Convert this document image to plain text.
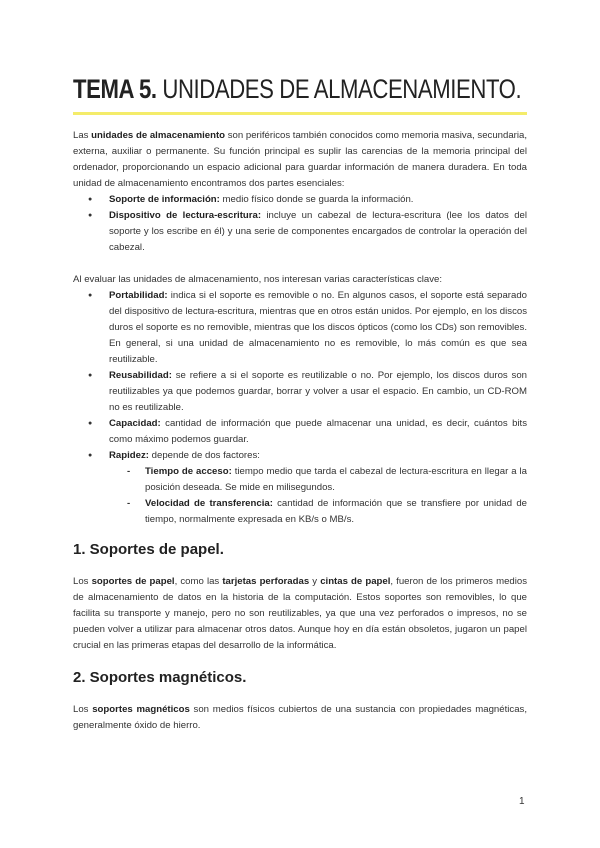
TEMA 5. UNIDADES DE ALMACENAMIENTO.

Las unidades de almacenamiento son periféricos también conocidos como memoria masiva, secundaria, externa, auxiliar o permanente. Su función principal es suplir las carencias de la memoria principal del ordenador, proporcionando un espacio adicional para guardar información de manera duradera. En toda unidad de almacenamiento encontramos dos partes esenciales:

● Soporte de información: medio físico donde se guarda la información.
● Dispositivo de lectura-escritura: incluye un cabezal de lectura-escritura (lee los datos del soporte y los escribe en él) y una serie de componentes encargados de controlar la operación del cabezal.

Al evaluar las unidades de almacenamiento, nos interesan varias características clave:

● Portabilidad: indica si el soporte es removible o no. En algunos casos, el soporte está separado del dispositivo de lectura-escritura, mientras que en otros están unidos. Por ejemplo, en los discos duros el soporte es no removible, mientras que los discos ópticos (como los CDs) son removibles. En general, si una unidad de almacenamiento no es removible, lo más común es que sea reutilizable.
● Reusabilidad: se refiere a si el soporte es reutilizable o no. Por ejemplo, los discos duros son reutilizables ya que podemos guardar, borrar y volver a usar el espacio. En cambio, un CD-ROM no es reutilizable.
● Capacidad: cantidad de información que puede almacenar una unidad, es decir, cuántos bits como máximo podemos guardar.
● Rapidez: depende de dos factores:
- Tiempo de acceso: tiempo medio que tarda el cabezal de lectura-escritura en llegar a la posición deseada. Se mide en milisegundos.
- Velocidad de transferencia: cantidad de información que se transfiere por unidad de tiempo, normalmente expresada en KB/s o MB/s.
1. Soportes de papel.

Los soportes de papel, como las tarjetas perforadas y cintas de papel, fueron de los primeros medios de almacenamiento de datos en la historia de la computación. Estos soportes son removibles, lo que facilita su transporte y manejo, pero no son reutilizables, ya que una vez perforados o impresos, no se pueden volver a utilizar para almacenar otros datos. Aunque hoy en día están obsoletos, jugaron un papel crucial en las primeras etapas del desarrollo de la informática.

2. Soportes magnéticos.

Los soportes magnéticos son medios físicos cubiertos de una sustancia con propiedades magnéticas, generalmente óxido de hierro.

1
